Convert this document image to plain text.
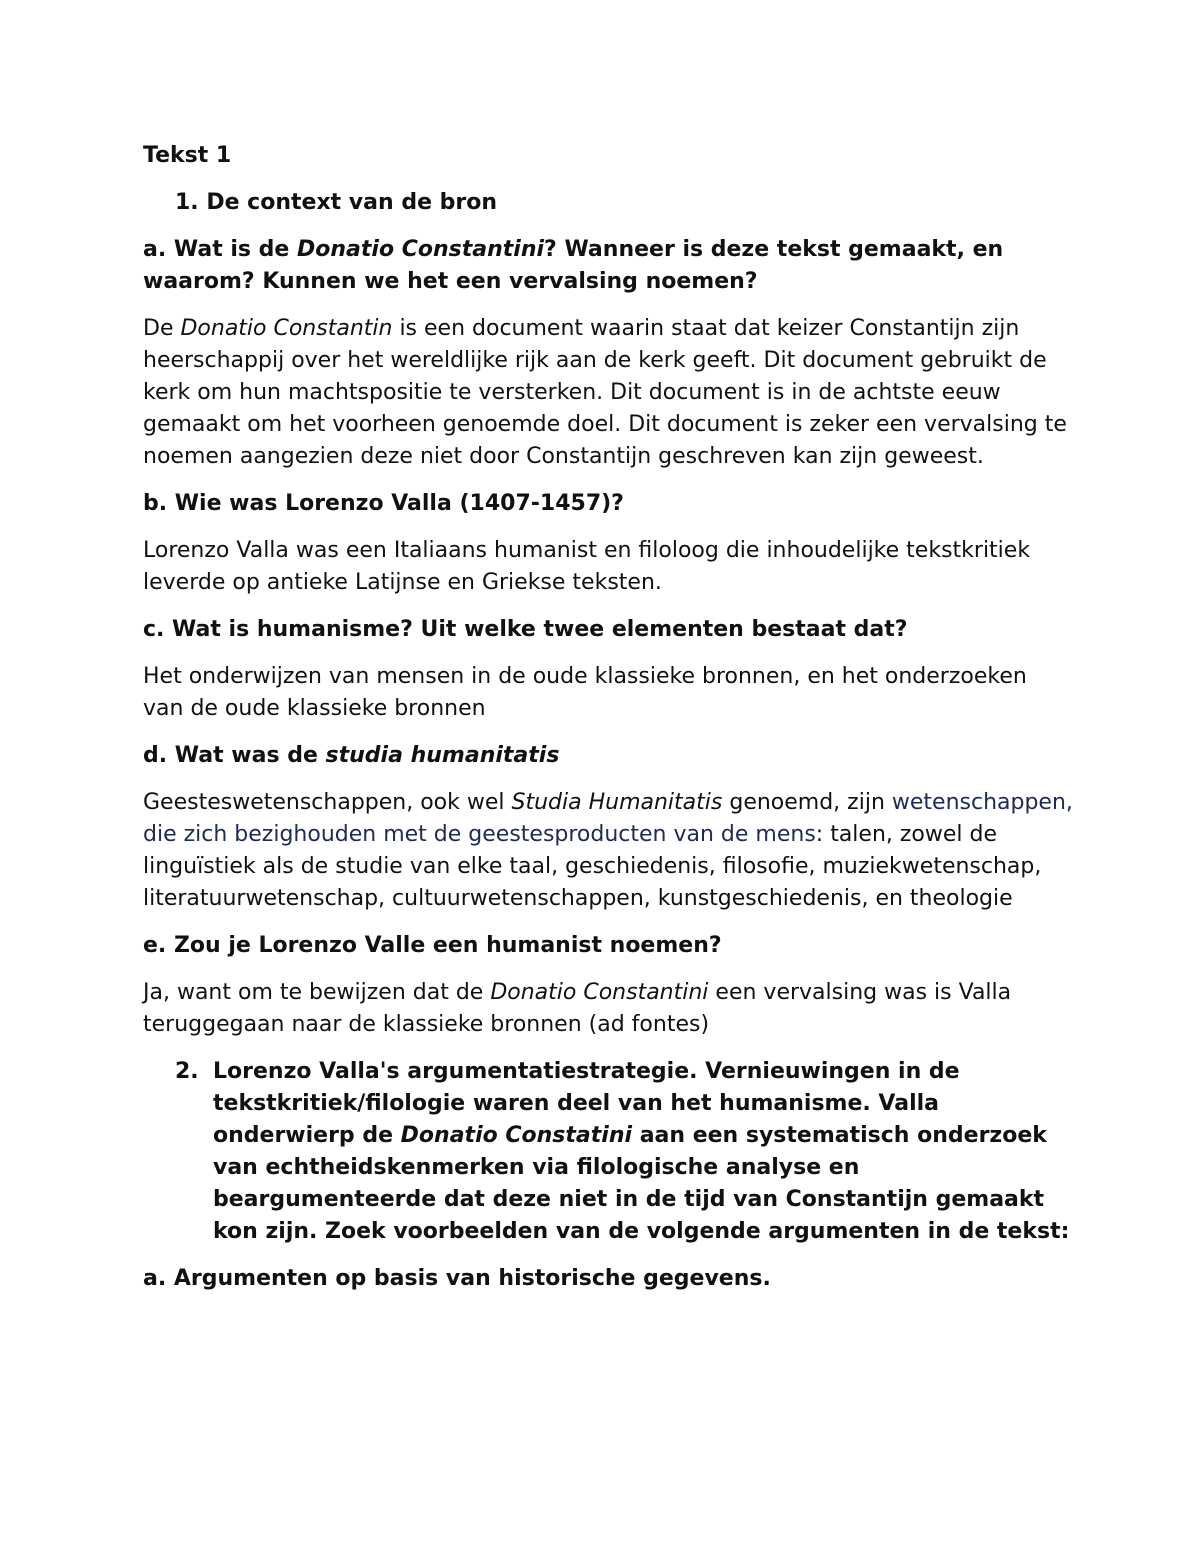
Tekst 1

1. De context van de bron

a. Wat is de Donatio Constantini? Wanneer is deze tekst gemaakt, en waarom? Kunnen we het een vervalsing noemen?

De Donatio Constantin is een document waarin staat dat keizer Constantijn zijn heerschappij over het wereldlijke rijk aan de kerk geeft. Dit document gebruikt de kerk om hun machtspositie te versterken. Dit document is in de achtste eeuw gemaakt om het voorheen genoemde doel. Dit document is zeker een vervalsing te noemen aangezien deze niet door Constantijn geschreven kan zijn geweest.

b. Wie was Lorenzo Valla (1407-1457)?

Lorenzo Valla was een Italiaans humanist en filoloog die inhoudelijke tekstkritiek leverde op antieke Latijnse en Griekse teksten.

c. Wat is humanisme? Uit welke twee elementen bestaat dat?

Het onderwijzen van mensen in de oude klassieke bronnen, en het onderzoeken van de oude klassieke bronnen

d. Wat was de studia humanitatis

Geesteswetenschappen, ook wel Studia Humanitatis genoemd, zijn wetenschappen, die zich bezighouden met de geestesproducten van de mens: talen, zowel de linguïstiek als de studie van elke taal, geschiedenis, filosofie, muziekwetenschap, literatuurwetenschap, cultuurwetenschappen, kunstgeschiedenis, en theologie

e. Zou je Lorenzo Valle een humanist noemen?

Ja, want om te bewijzen dat de Donatio Constantini een vervalsing was is Valla teruggegaan naar de klassieke bronnen (ad fontes)

2. Lorenzo Valla's argumentatiestrategie. Vernieuwingen in de tekstkritiek/filologie waren deel van het humanisme. Valla onderwierp de Donatio Constatini aan een systematisch onderzoek van echtheidskenmerken via filologische analyse en beargumenteerde dat deze niet in de tijd van Constantijn gemaakt kon zijn. Zoek voorbeelden van de volgende argumenten in de tekst:

a. Argumenten op basis van historische gegevens.
